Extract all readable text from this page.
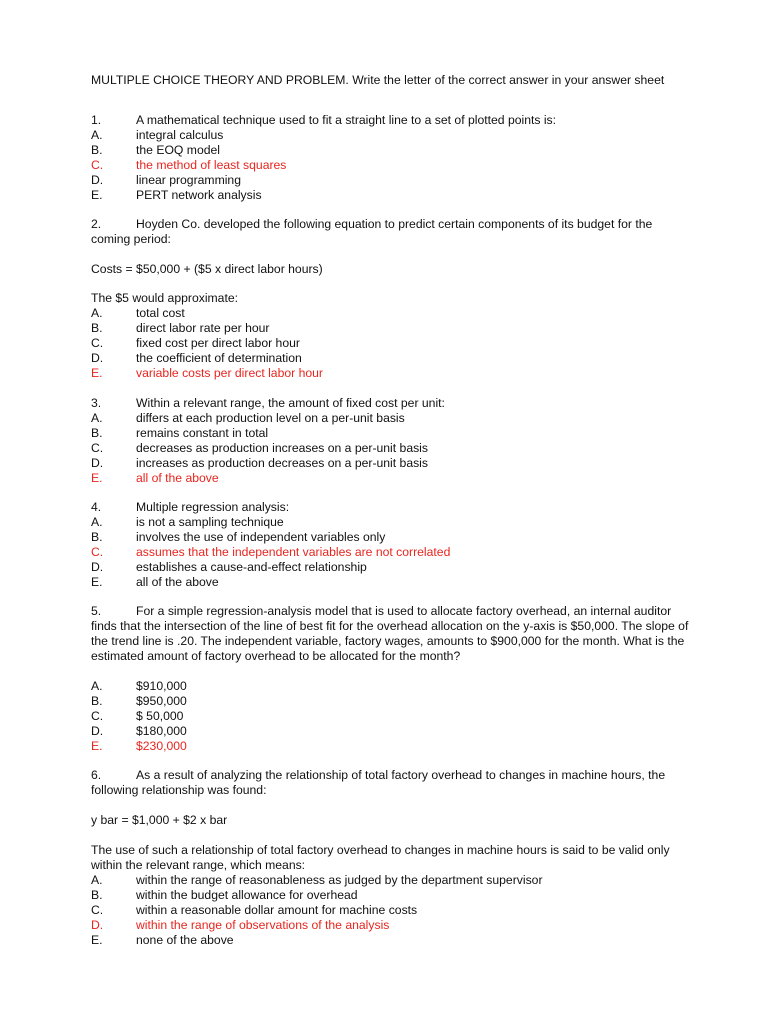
MULTIPLE CHOICE THEORY AND PROBLEM. Write the letter of the correct answer in your answer sheet
1.	A mathematical technique used to fit a straight line to a set of plotted points is:
A.	integral calculus
B.	the EOQ model
C.	the method of least squares
D.	linear programming
E.	PERT network analysis
2.	Hoyden Co. developed the following equation to predict certain components of its budget for the coming period:
Costs = $50,000 + ($5 x direct labor hours)
The $5 would approximate:
A.	total cost
B.	direct labor rate per hour
C.	fixed cost per direct labor hour
D.	the coefficient of determination
E.	variable costs per direct labor hour
3.	Within a relevant range, the amount of fixed cost per unit:
A.	differs at each production level on a per-unit basis
B.	remains constant in total
C.	decreases as production increases on a per-unit basis
D.	increases as production decreases on a per-unit basis
E.	all of the above
4.	Multiple regression analysis:
A.	is not a sampling technique
B.	involves the use of independent variables only
C.	assumes that the independent variables are not correlated
D.	establishes a cause-and-effect relationship
E.	all of the above
5.	For a simple regression-analysis model that is used to allocate factory overhead, an internal auditor finds that the intersection of the line of best fit for the overhead allocation on the y-axis is $50,000. The slope of the trend line is .20. The independent variable, factory wages, amounts to $900,000 for the month. What is the estimated amount of factory overhead to be allocated for the month?
A.	$910,000
B.	$950,000
C.	$ 50,000
D.	$180,000
E.	$230,000
6.	As a result of analyzing the relationship of total factory overhead to changes in machine hours, the following relationship was found:
y bar = $1,000 + $2 x bar
The use of such a relationship of total factory overhead to changes in machine hours is said to be valid only within the relevant range, which means:
A.	within the range of reasonableness as judged by the department supervisor
B.	within the budget allowance for overhead
C.	within a reasonable dollar amount for machine costs
D.	within the range of observations of the analysis
E.	none of the above
